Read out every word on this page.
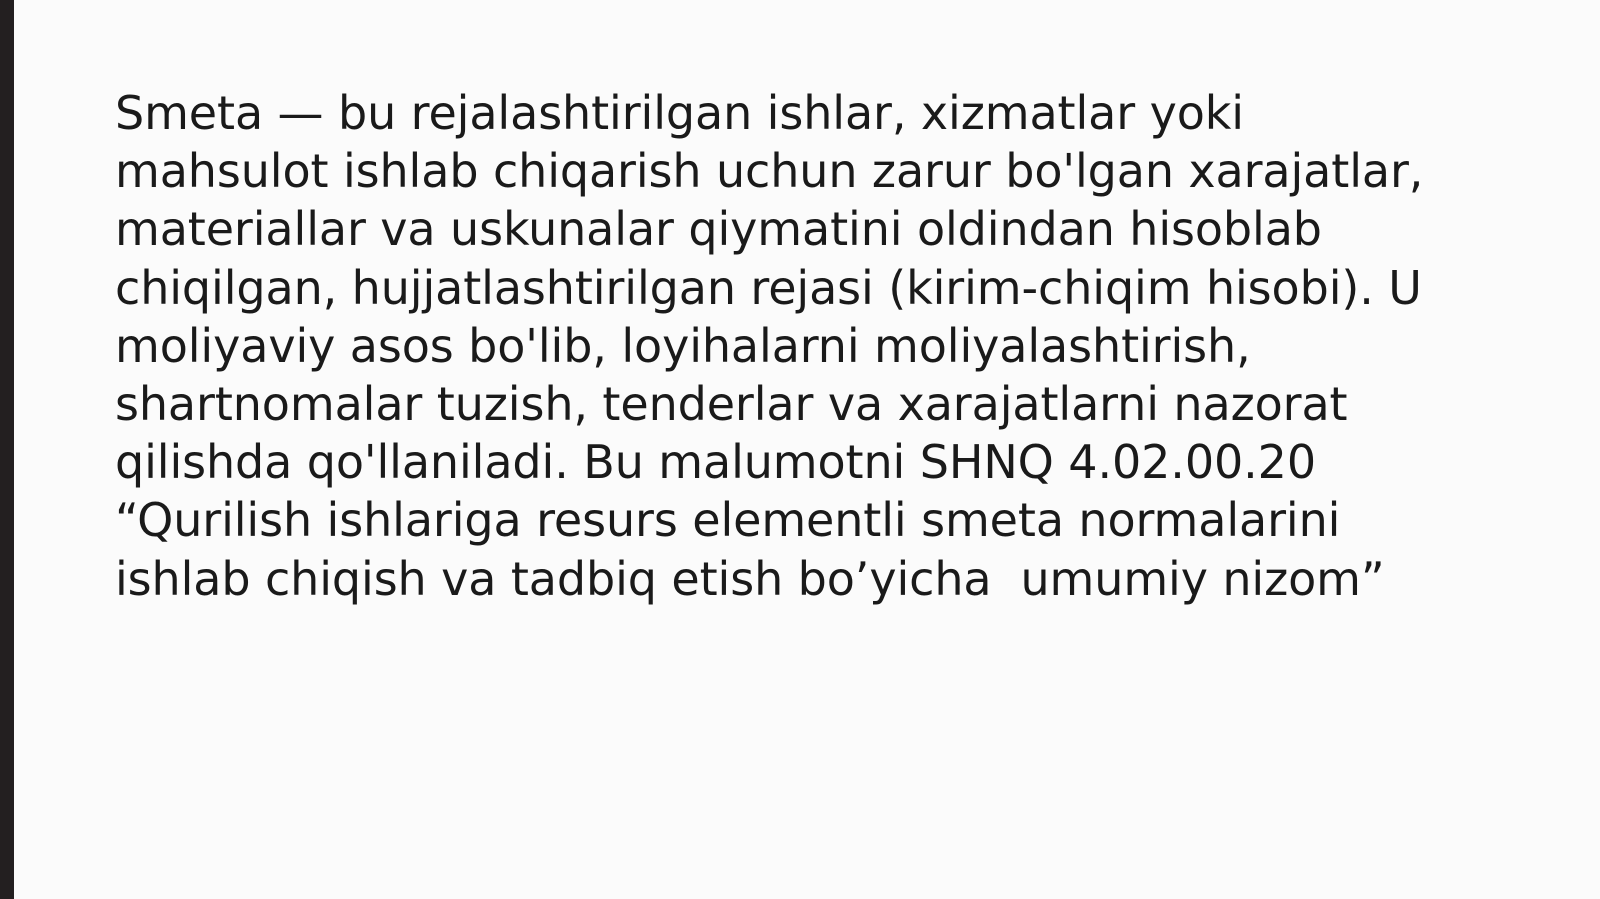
Smeta — bu rejalashtirilgan ishlar, xizmatlar yoki mahsulot ishlab chiqarish uchun zarur bo'lgan xarajatlar, materiallar va uskunalar qiymatini oldindan hisoblab chiqilgan, hujjatlashtirilgan rejasi (kirim-chiqim hisobi). U moliyaviy asos bo'lib, loyihalarni moliyalashtirish, shartnomalar tuzish, tenderlar va xarajatlarni nazorat qilishda qo'llaniladi. Bu malumotni SHNQ 4.02.00.20 “Qurilish ishlariga resurs elementli smeta normalarini  ishlab chiqish va tadbiq etish bo’yicha  umumiy nizom”
